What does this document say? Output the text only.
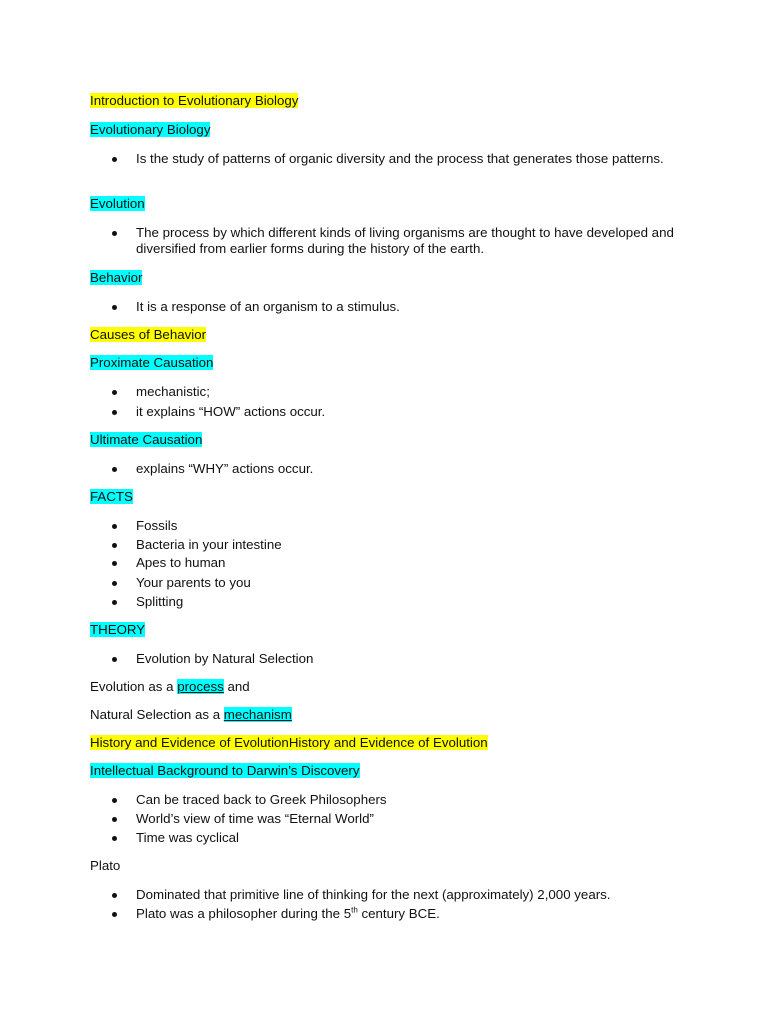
Introduction to Evolutionary Biology
Evolutionary Biology
Is the study of patterns of organic diversity and the process that generates those patterns.
Evolution
The process by which different kinds of living organisms are thought to have developed and diversified from earlier forms during the history of the earth.
Behavior
It is a response of an organism to a stimulus.
Causes of Behavior
Proximate Causation
mechanistic;
it explains “HOW” actions occur.
Ultimate Causation
explains “WHY” actions occur.
FACTS
Fossils
Bacteria in your intestine
Apes to human
Your parents to you
Splitting
THEORY
Evolution by Natural Selection
Evolution as a process and
Natural Selection as a mechanism
History and Evidence of EvolutionHistory and Evidence of Evolution
Intellectual Background to Darwin’s Discovery
Can be traced back to Greek Philosophers
World’s view of time was “Eternal World”
Time was cyclical
Plato
Dominated that primitive line of thinking for the next (approximately) 2,000 years.
Plato was a philosopher during the 5th century BCE.
